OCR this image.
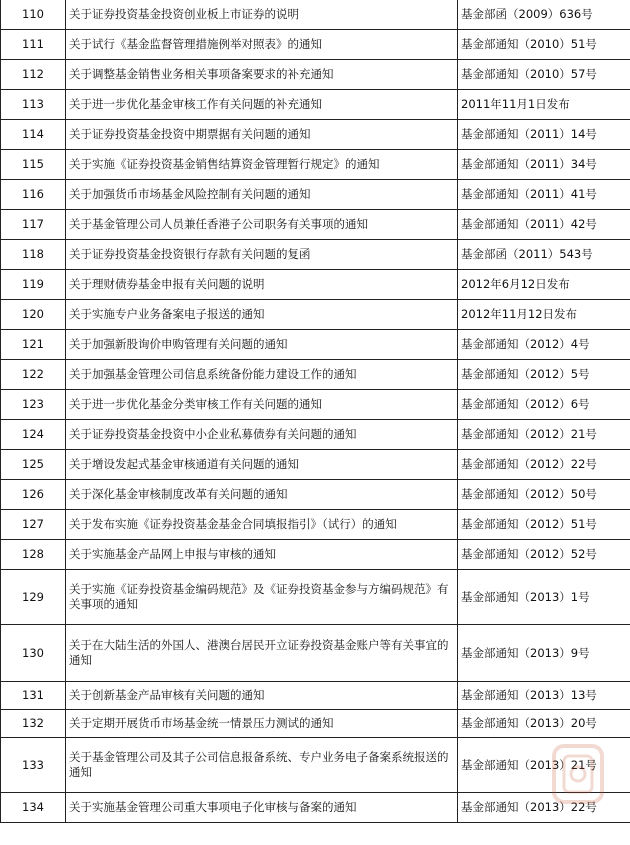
110	关于证券投资基金投资创业板上市证券的说明	基金部函（2009）636号
111	关于试行《基金监督管理措施例举对照表》的通知	基金部通知（2010）51号
112	关于调整基金销售业务相关事项备案要求的补充通知	基金部通知（2010）57号
113	关于进一步优化基金审核工作有关问题的补充通知	2011年11月1日发布
114	关于证券投资基金投资中期票据有关问题的通知	基金部通知（2011）14号
115	关于实施《证券投资基金销售结算资金管理暂行规定》的通知	基金部通知（2011）34号
116	关于加强货币市场基金风险控制有关问题的通知	基金部通知（2011）41号
117	关于基金管理公司人员兼任香港子公司职务有关事项的通知	基金部通知（2011）42号
118	关于证券投资基金投资银行存款有关问题的复函	基金部函（2011）543号
119	关于理财债券基金申报有关问题的说明	2012年6月12日发布
120	关于实施专户业务备案电子报送的通知	2012年11月12日发布
121	关于加强新股询价申购管理有关问题的通知	基金部通知（2012）4号
122	关于加强基金管理公司信息系统备份能力建设工作的通知	基金部通知（2012）5号
123	关于进一步优化基金分类审核工作有关问题的通知	基金部通知（2012）6号
124	关于证券投资基金投资中小企业私募债券有关问题的通知	基金部通知（2012）21号
125	关于增设发起式基金审核通道有关问题的通知	基金部通知（2012）22号
126	关于深化基金审核制度改革有关问题的通知	基金部通知（2012）50号
127	关于发布实施《证券投资基金基金合同填报指引》（试行）的通知	基金部通知（2012）51号
128	关于实施基金产品网上申报与审核的通知	基金部通知（2012）52号
129	关于实施《证券投资基金编码规范》及《证券投资基金参与方编码规范》有关事项的通知	基金部通知（2013）1号
130	关于在大陆生活的外国人、港澳台居民开立证券投资基金账户等有关事宜的通知	基金部通知（2013）9号
131	关于创新基金产品审核有关问题的通知	基金部通知（2013）13号
132	关于定期开展货币市场基金统一情景压力测试的通知	基金部通知（2013）20号
133	关于基金管理公司及其子公司信息报备系统、专户业务电子备案系统报送的通知	基金部通知（2013）21号
134	关于实施基金管理公司重大事项电子化审核与备案的通知	基金部通知（2013）22号
